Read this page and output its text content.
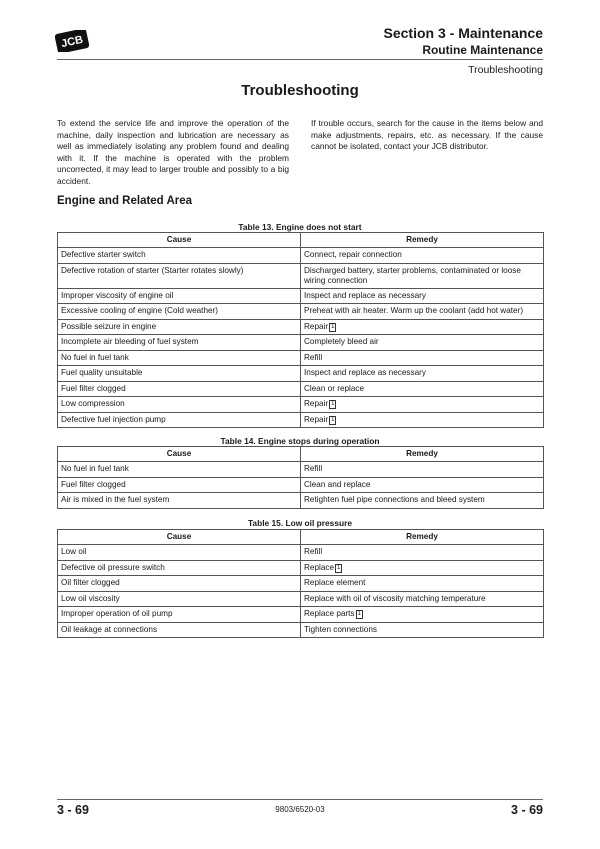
JCB
Section 3 - Maintenance
Routine Maintenance
Troubleshooting
Troubleshooting
To extend the service life and improve the operation of the machine, daily inspection and lubrication are necessary as well as immediately isolating any problem found and dealing with it. If the machine is operated with the problem uncorrected, it may lead to larger trouble and possibly to a big accident.
If trouble occurs, search for the cause in the items below and make adjustments, repairs, etc. as necessary. If the cause cannot be isolated, contact your JCB distributor.
Engine and Related Area
Table 13. Engine does not start
Cause	Remedy
Defective starter switch	Connect, repair connection
Defective rotation of starter (Starter rotates slowly)	Discharged battery, starter problems, contaminated or loose wiring connection
Improper viscosity of engine oil	Inspect and replace as necessary
Excessive cooling of engine (Cold weather)	Preheat with air heater. Warm up the coolant (add hot water)
Possible seizure in engine	Repair 1
Incomplete air bleeding of fuel system	Completely bleed air
No fuel in fuel tank	Refill
Fuel quality unsuitable	Inspect and replace as necessary
Fuel filter clogged	Clean or replace
Low compression	Repair 1
Defective fuel injection pump	Repair 1
Table 14. Engine stops during operation
Cause	Remedy
No fuel in fuel tank	Refill
Fuel filter clogged	Clean and replace
Air is mixed in the fuel system	Retighten fuel pipe connections and bleed system
Table 15. Low oil pressure
Cause	Remedy
Low oil	Refill
Defective oil pressure switch	Replace 1
Oil filter clogged	Replace element
Low oil viscosity	Replace with oil of viscosity matching temperature
Improper operation of oil pump	Replace parts 1
Oil leakage at connections	Tighten connections
3 - 69	9803/6520-03	3 - 69
